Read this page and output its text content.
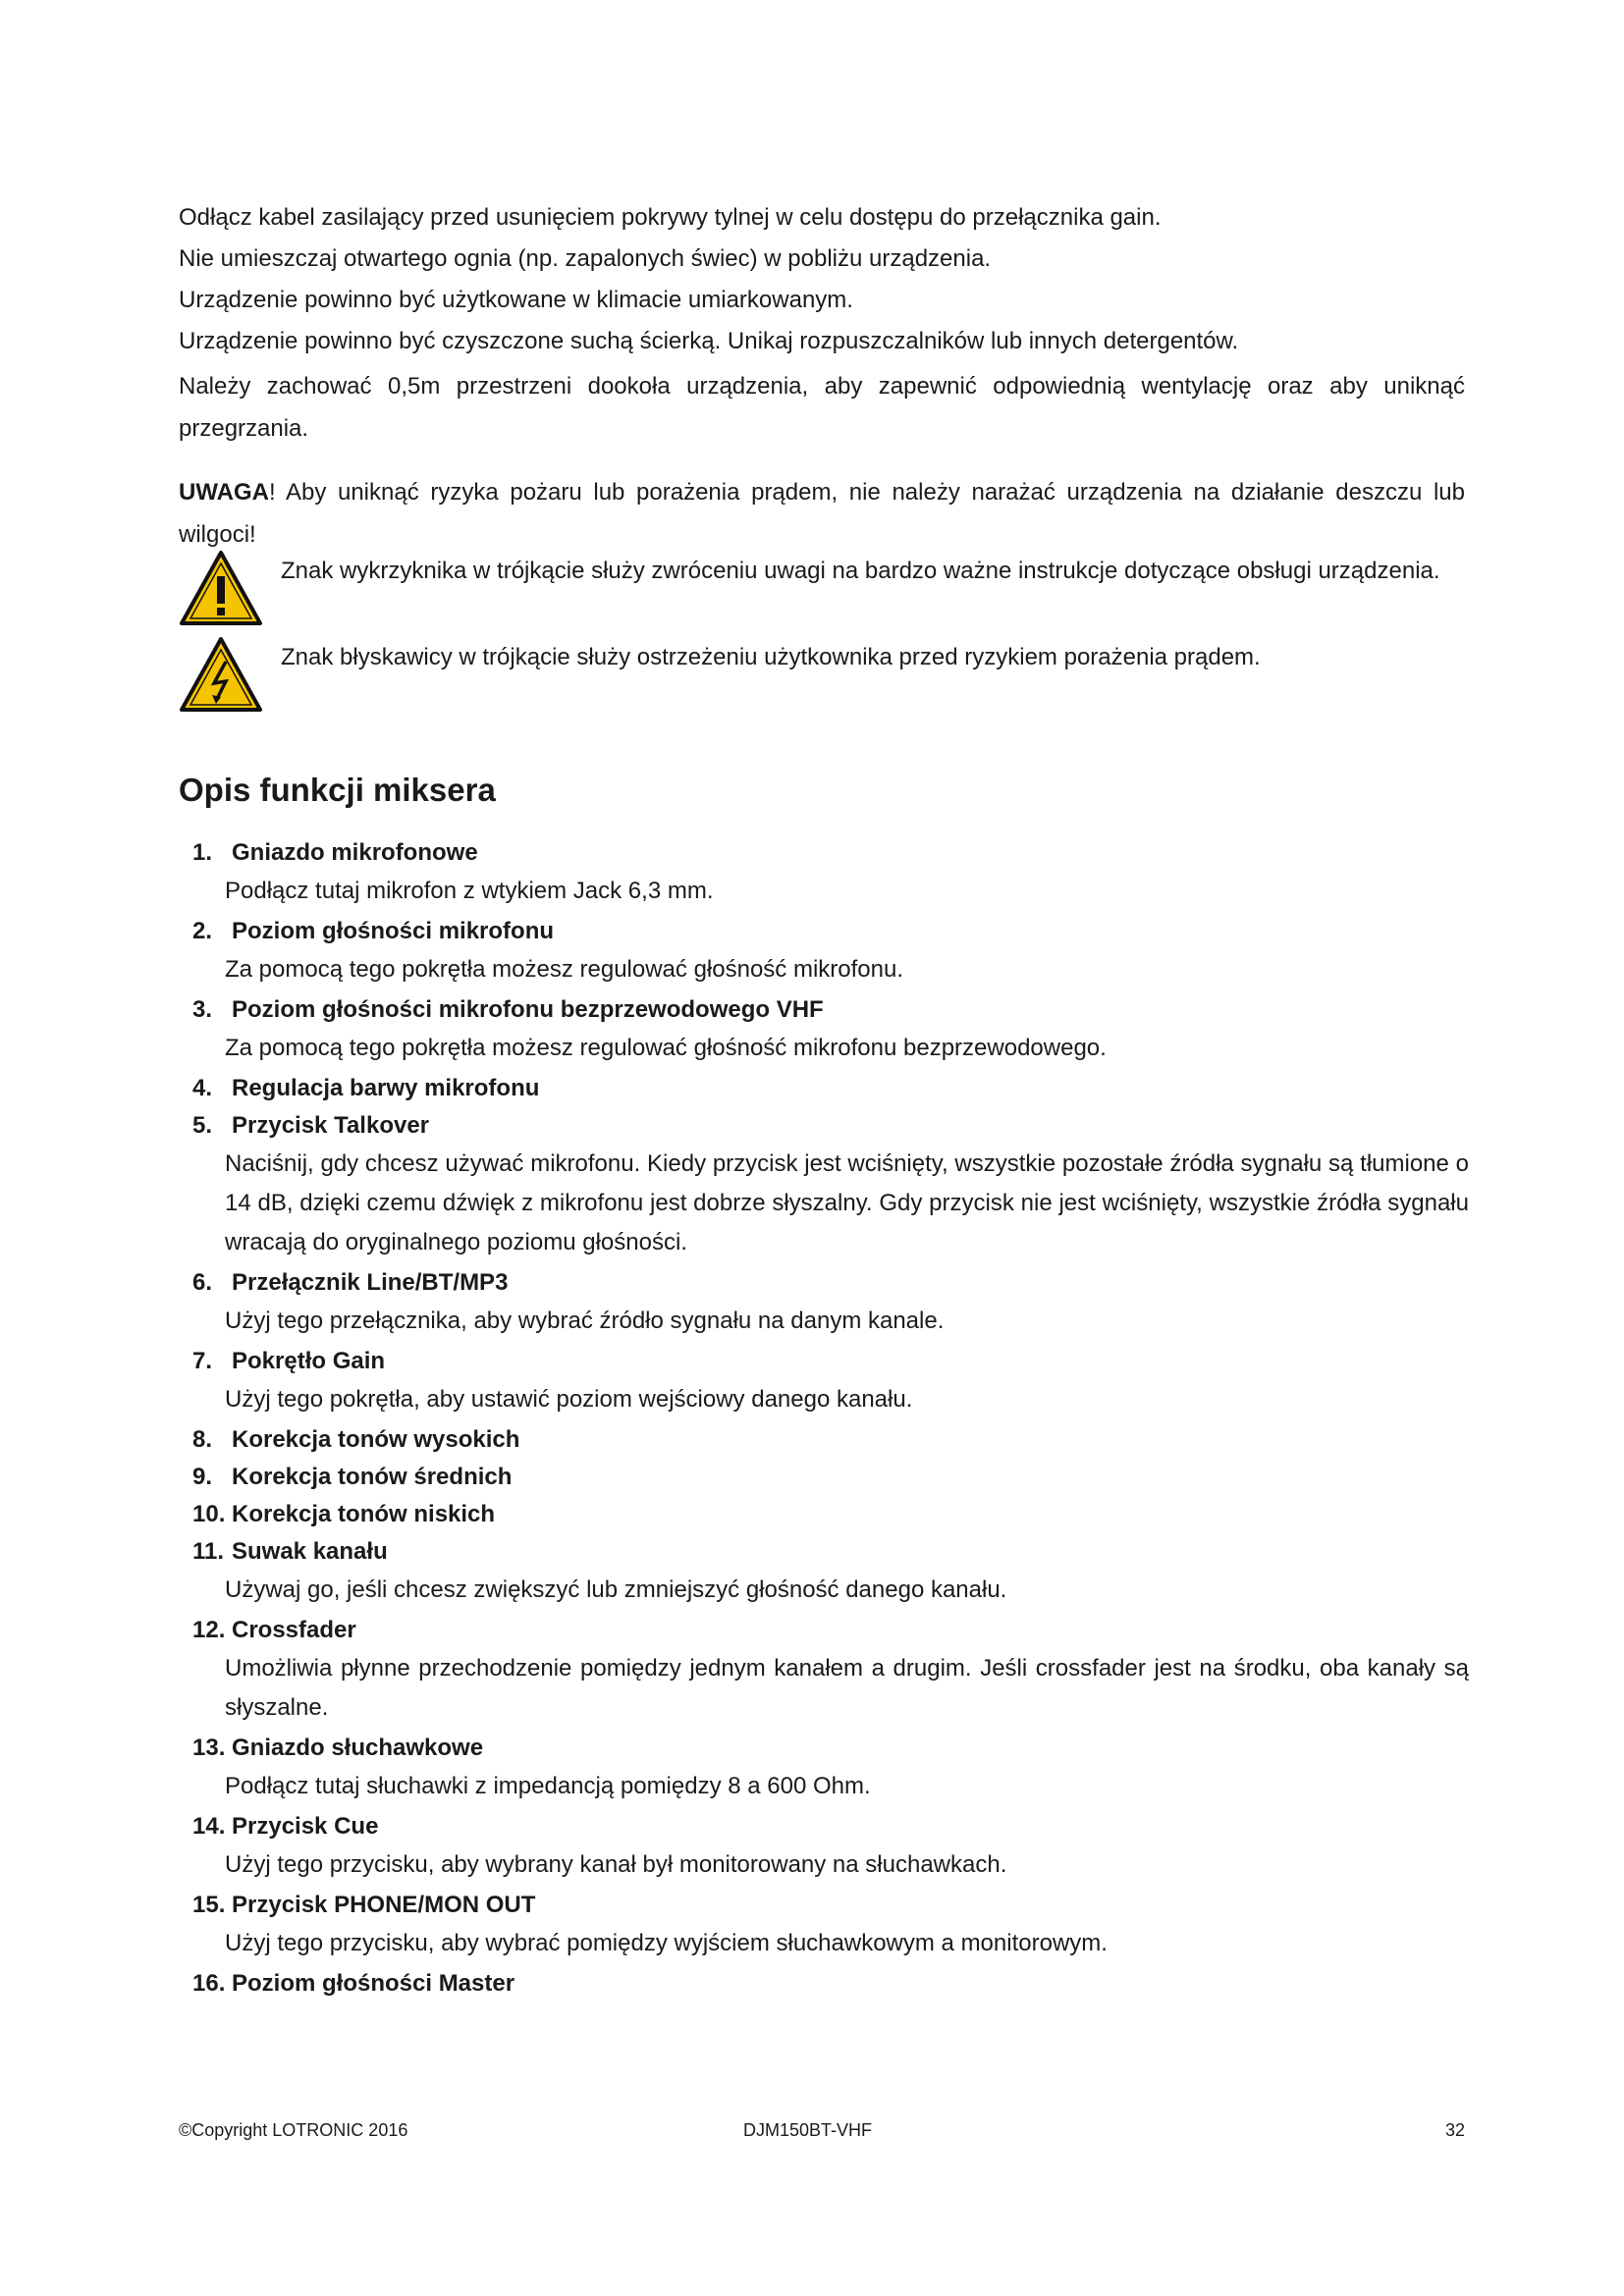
Odłącz kabel zasilający przed usunięciem pokrywy tylnej w celu dostępu do przełącznika gain.

Nie umieszczaj otwartego ognia (np. zapalonych świec) w pobliżu urządzenia.

Urządzenie powinno być użytkowane w klimacie umiarkowanym.

Urządzenie powinno być czyszczone suchą ścierką. Unikaj rozpuszczalników lub innych detergentów.

Należy zachować 0,5m przestrzeni dookoła urządzenia, aby zapewnić odpowiednią wentylację oraz aby uniknąć przegrzania.

UWAGA! Aby uniknąć ryzyka pożaru lub porażenia prądem, nie należy narażać urządzenia na działanie deszczu lub wilgoci!
Znak wykrzyknika w trójkącie służy zwróceniu uwagi na bardzo ważne instrukcje dotyczące obsługi urządzenia.
Znak błyskawicy w trójkącie służy ostrzeżeniu użytkownika przed ryzykiem porażenia prądem.
Opis funkcji miksera
1. Gniazdo mikrofonowe
Podłącz tutaj mikrofon z wtykiem Jack 6,3 mm.
2. Poziom głośności mikrofonu
Za pomocą tego pokrętła możesz regulować głośność mikrofonu.
3. Poziom głośności mikrofonu bezprzewodowego VHF
Za pomocą tego pokrętła możesz regulować głośność mikrofonu bezprzewodowego.
4. Regulacja barwy mikrofonu
5. Przycisk Talkover
Naciśnij, gdy chcesz używać mikrofonu. Kiedy przycisk jest wciśnięty, wszystkie pozostałe źródła sygnału są tłumione o 14 dB, dzięki czemu dźwięk z mikrofonu jest dobrze słyszalny. Gdy przycisk nie jest wciśnięty, wszystkie źródła sygnału wracają do oryginalnego poziomu głośności.
6. Przełącznik Line/BT/MP3
Użyj tego przełącznika, aby wybrać źródło sygnału na danym kanale.
7. Pokrętło Gain
Użyj tego pokrętła, aby ustawić poziom wejściowy danego kanału.
8. Korekcja tonów wysokich
9. Korekcja tonów średnich
10. Korekcja tonów niskich
11. Suwak kanału
Używaj go, jeśli chcesz zwiększyć lub zmniejszyć głośność danego kanału.
12. Crossfader
Umożliwia płynne przechodzenie pomiędzy jednym kanałem a drugim. Jeśli crossfader jest na środku, oba kanały są słyszalne.
13. Gniazdo słuchawkowe
Podłącz tutaj słuchawki z impedancją pomiędzy 8 a 600 Ohm.
14. Przycisk Cue
Użyj tego przycisku, aby wybrany kanał był monitorowany na słuchawkach.
15. Przycisk PHONE/MON OUT
Użyj tego przycisku, aby wybrać pomiędzy wyjściem słuchawkowym a monitorowym.
16. Poziom głośności Master
©Copyright LOTRONIC 2016	DJM150BT-VHF	32
